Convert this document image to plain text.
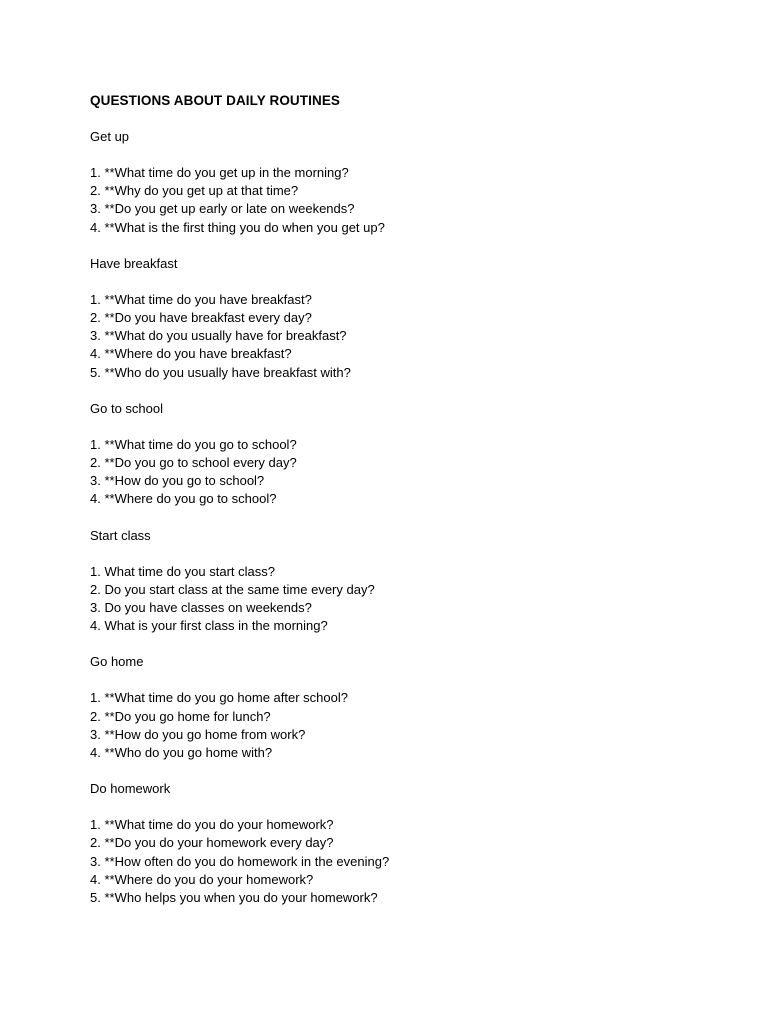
QUESTIONS ABOUT DAILY ROUTINES
Get up
1. **What time do you get up in the morning?
2. **Why do you get up at that time?
3. **Do you get up early or late on weekends?
4. **What is the first thing you do when you get up?
Have breakfast
1. **What time do you have breakfast?
2. **Do you have breakfast every day?
3. **What do you usually have for breakfast?
4. **Where do you have breakfast?
5. **Who do you usually have breakfast with?
Go to school
1. **What time do you go to school?
2. **Do you go to school every day?
3. **How do you go to school?
4. **Where do you go to school?
Start class
1. What time do you start class?
2. Do you start class at the same time every day?
3. Do you have classes on weekends?
4. What is your first class in the morning?
Go home
1. **What time do you go home after school?
2. **Do you go home for lunch?
3. **How do you go home from work?
4. **Who do you go home with?
Do homework
1. **What time do you do your homework?
2. **Do you do your homework every day?
3. **How often do you do homework in the evening?
4. **Where do you do your homework?
5. **Who helps you when you do your homework?
